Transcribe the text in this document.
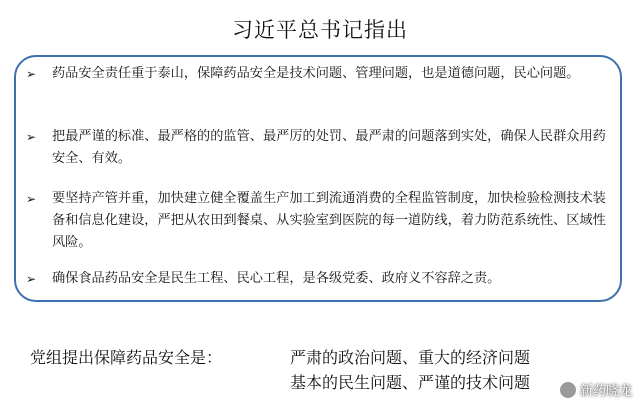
习近平总书记指出
➢ 药品安全责任重于泰山，保障药品安全是技术问题、管理问题，也是道德问题，民心问题。
➢ 把最严谨的标准、最严格的的监管、最严厉的处罚、最严肃的问题落到实处，确保人民群众用药安全、有效。
➢ 要坚持产管并重，加快建立健全覆盖生产加工到流通消费的全程监管制度，加快检验检测技术装备和信息化建设，严把从农田到餐桌、从实验室到医院的每一道防线，着力防范系统性、区域性风险。
➢ 确保食品药品安全是民生工程、民心工程，是各级党委、政府义不容辞之责。
党组提出保障药品安全是：	严肃的政治问题、重大的经济问题
基本的民生问题、严谨的技术问题	新药晓龙
